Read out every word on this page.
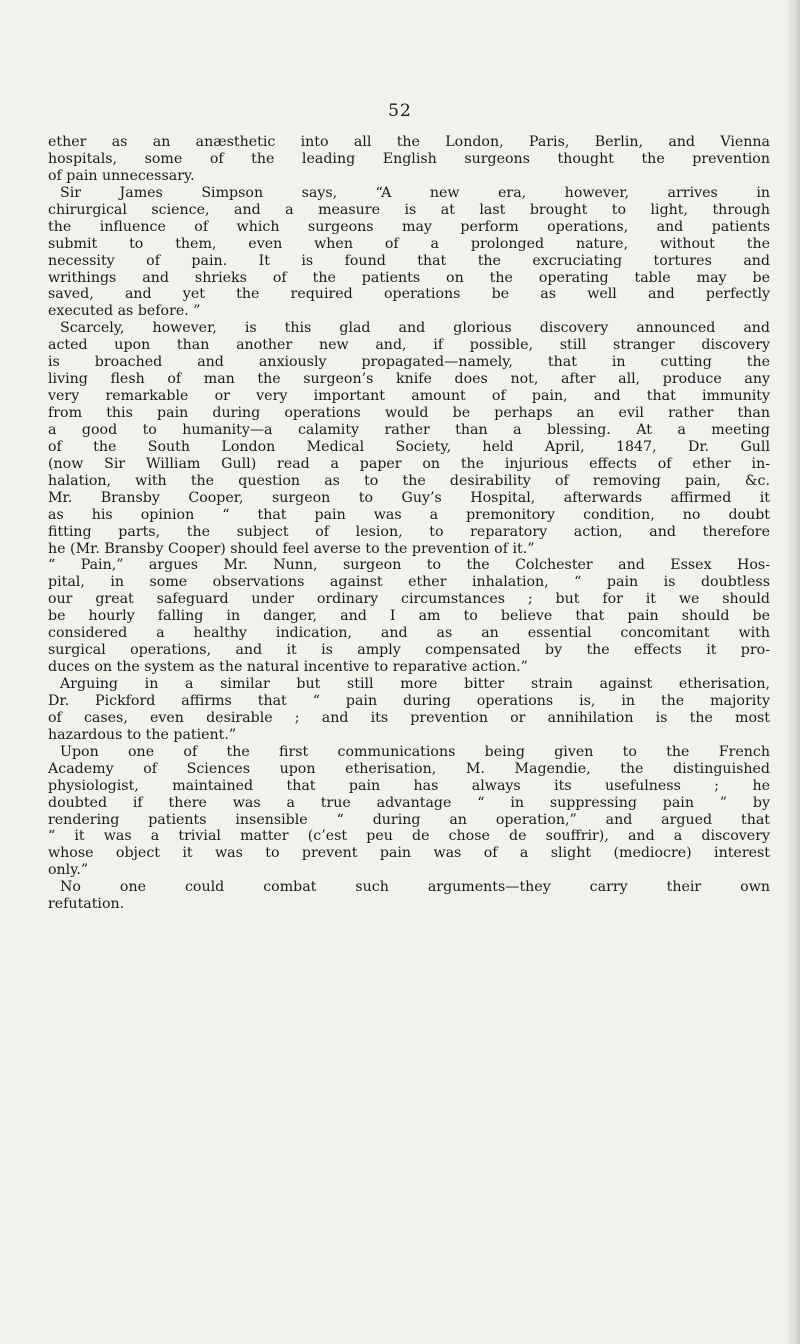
52
ether as an anæsthetic into all the London, Paris, Berlin, and Vienna
hospitals, some of the leading English surgeons thought the prevention
of pain unnecessary.
Sir James Simpson says, “A new era, however, arrives in
chirurgical science, and a measure is at last brought to light, through
the influence of which surgeons may perform operations, and patients
submit to them, even when of a prolonged nature, without the
necessity of pain. It is found that the excruciating tortures and
writhings and shrieks of the patients on the operating table may be
saved, and yet the required operations be as well and perfectly
executed as before. ”
Scarcely, however, is this glad and glorious discovery announced and
acted upon than another new and, if possible, still stranger discovery
is broached and anxiously propagated—namely, that in cutting the
living flesh of man the surgeon’s knife does not, after all, produce any
very remarkable or very important amount of pain, and that immunity
from this pain during operations would be perhaps an evil rather than
a good to humanity—a calamity rather than a blessing. At a meeting
of the South London Medical Society, held April, 1847, Dr. Gull
(now Sir William Gull) read a paper on the injurious effects of ether in-
halation, with the question as to the desirability of removing pain, &c.
Mr. Bransby Cooper, surgeon to Guy’s Hospital, afterwards affirmed it
as his opinion “ that pain was a premonitory condition, no doubt
fitting parts, the subject of lesion, to reparatory action, and therefore
he (Mr. Bransby Cooper) should feel averse to the prevention of it.”
“ Pain,” argues Mr. Nunn, surgeon to the Colchester and Essex Hos-
pital, in some observations against ether inhalation, “ pain is doubtless
our great safeguard under ordinary circumstances ; but for it we should
be hourly falling in danger, and I am to believe that pain should be
considered a healthy indication, and as an essential concomitant with
surgical operations, and it is amply compensated by the effects it pro-
duces on the system as the natural incentive to reparative action.”
Arguing in a similar but still more bitter strain against etherisation,
Dr. Pickford affirms that “ pain during operations is, in the majority
of cases, even desirable ; and its prevention or annihilation is the most
hazardous to the patient.”
Upon one of the first communications being given to the French
Academy of Sciences upon etherisation, M. Magendie, the distinguished
physiologist, maintained that pain has always its usefulness ; he
doubted if there was a true advantage “ in suppressing pain ” by
rendering patients insensible “ during an operation,” and argued that
“ it was a trivial matter (c’est peu de chose de souffrir), and a discovery
whose object it was to prevent pain was of a slight (mediocre) interest
only.”
No one could combat such arguments—they carry their own
refutation.
